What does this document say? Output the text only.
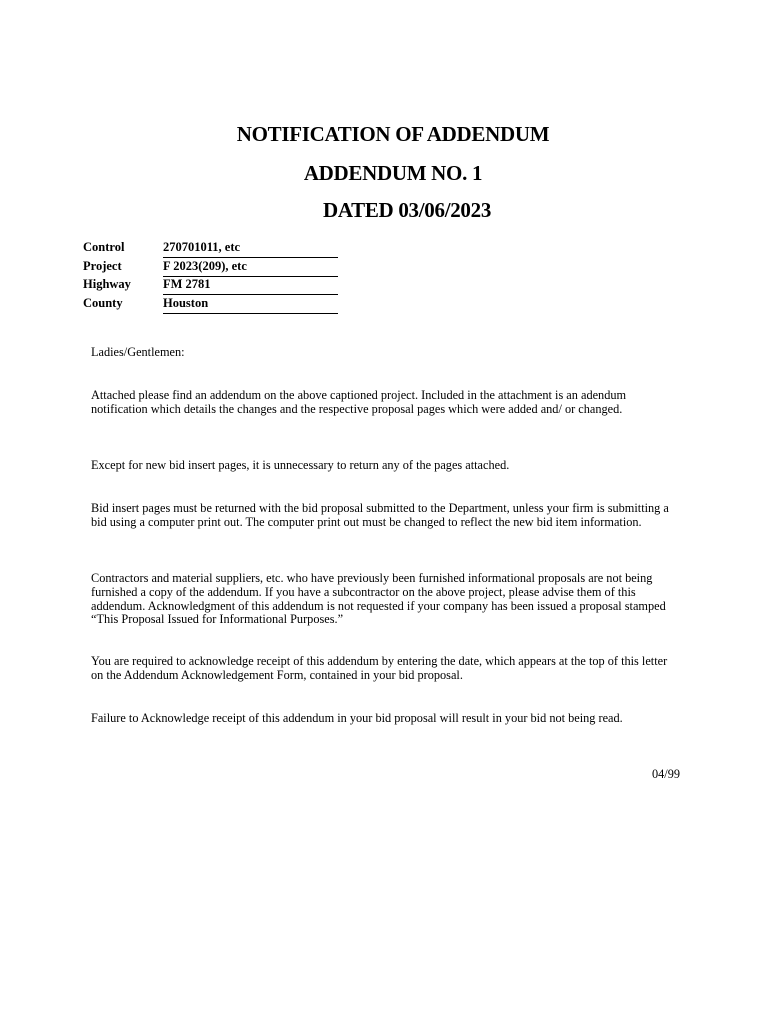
NOTIFICATION OF ADDENDUM
ADDENDUM NO. 1
DATED 03/06/2023
Control	270701011, etc
Project	F 2023(209), etc
Highway	FM 2781
County	Houston

Ladies/Gentlemen:

Attached please find an addendum on the above captioned project. Included in the attachment is an adendum notification which details the changes and the respective proposal pages which were added and/ or changed.

Except for new bid insert pages, it is unnecessary to return any of the pages attached.

Bid insert pages must be returned with the bid proposal submitted to the Department, unless your firm is submitting a bid using a computer print out. The computer print out must be changed to reflect the new bid item information.

Contractors and material suppliers, etc. who have previously been furnished informational proposals are not being furnished a copy of the addendum. If you have a subcontractor on the above project, please advise them of this addendum. Acknowledgment of this addendum is not requested if your company has been issued a proposal stamped “This Proposal Issued for Informational Purposes.”

You are required to acknowledge receipt of this addendum by entering the date, which appears at the top of this letter on the Addendum Acknowledgement Form, contained in your bid proposal.

Failure to Acknowledge receipt of this addendum in your bid proposal will result in your bid not being read.

04/99
